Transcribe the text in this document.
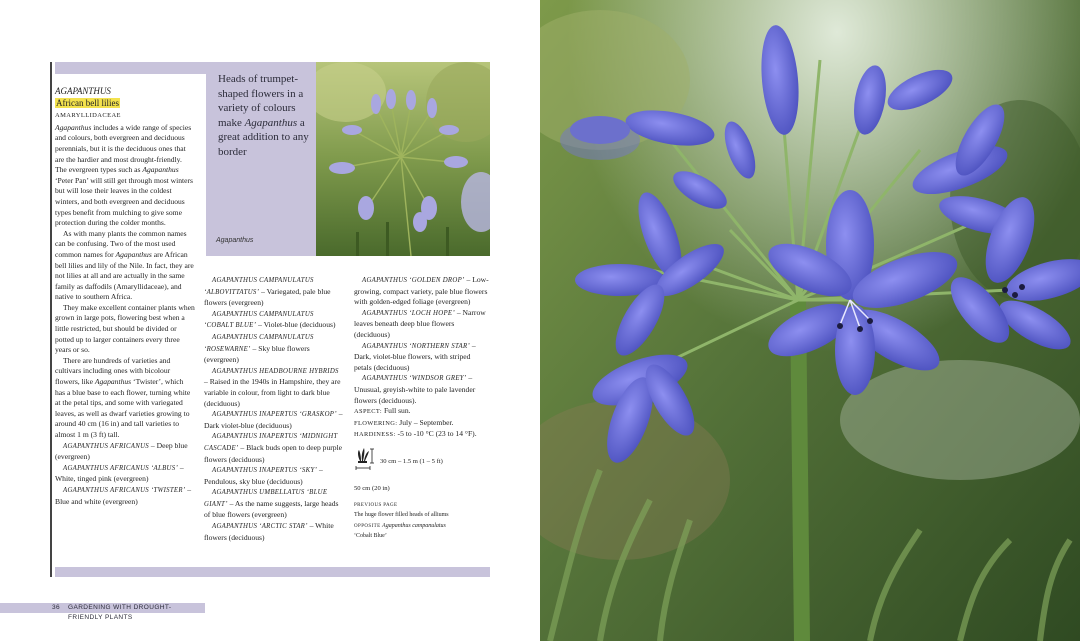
Heads of trumpet-shaped flowers in a variety of colours make Agapanthus a great addition to any border
Agapanthus
AGAPANTHUS
African bell lilies
AMARYLLIDACEAE

Agapanthus includes a wide range of species and colours, both evergreen and deciduous perennials, but it is the deciduous ones that are the hardier and most drought-friendly. The evergreen types such as Agapanthus ‘Peter Pan’ will still get through most winters but will lose their leaves in the coldest winters, and both evergreen and deciduous types benefit from mulching to give some protection during the colder months.

As with many plants the common names can be confusing. Two of the most used common names for Agapanthus are African bell lilies and lily of the Nile. In fact, they are not lilies at all and are actually in the same family as daffodils (Amaryllidaceae), and native to southern Africa.

They make excellent container plants when grown in large pots, flowering best when a little restricted, but should be divided or potted up to larger containers every three years or so.

There are hundreds of varieties and cultivars including ones with bicolour flowers, like Agapanthus ‘Twister’, which has a blue base to each flower, turning white at the petal tips, and some with variegated leaves, as well as dwarf varieties growing to around 40 cm (16 in) and tall varieties to almost 1 m (3 ft) tall.

AGAPANTHUS AFRICANUS – Deep blue (evergreen)

AGAPANTHUS AFRICANUS ‘ALBUS’ – White, tinged pink (evergreen)

AGAPANTHUS AFRICANUS ‘TWISTER’ – Blue and white (evergreen)

AGAPANTHUS CAMPANULATUS ‘ALBOVITTATUS’ – Variegated, pale blue flowers (evergreen)

AGAPANTHUS CAMPANULATUS ‘COBALT BLUE’ – Violet-blue (deciduous)

AGAPANTHUS CAMPANULATUS ‘ROSEWARNE’ – Sky blue flowers (evergreen)

AGAPANTHUS HEADBOURNE HYBRIDS – Raised in the 1940s in Hampshire, they are variable in colour, from light to dark blue (deciduous)

AGAPANTHUS INAPERTUS ‘GRASKOP’ – Dark violet-blue (deciduous)

AGAPANTHUS INAPERTUS ‘MIDNIGHT CASCADE’ – Black buds open to deep purple flowers (deciduous)

AGAPANTHUS INAPERTUS ‘SKY’ – Pendulous, sky blue (deciduous)

AGAPANTHUS UMBELLATUS ‘BLUE GIANT’ – As the name suggests, large heads of blue flowers (evergreen)

AGAPANTHUS ‘ARCTIC STAR’ – White flowers (deciduous)

AGAPANTHUS ‘GOLDEN DROP’ – Low-growing, compact variety, pale blue flowers with golden-edged foliage (evergreen)

AGAPANTHUS ‘LOCH HOPE’ – Narrow leaves beneath deep blue flowers (deciduous)

AGAPANTHUS ‘NORTHERN STAR’ – Dark, violet-blue flowers, with striped petals (deciduous)

AGAPANTHUS ‘WINDSOR GREY’ – Unusual, greyish-white to pale lavender flowers (deciduous).

ASPECT: Full sun.

FLOWERING: July – September.

HARDINESS: -5 to -10 °C (23 to 14 °F).

30 cm – 1.5 m (1 – 5 ft)
50 cm (20 in)
PREVIOUS PAGE
The huge flower filled heads of alliums
OPPOSITE Agapanthus campanulatus
‘Cobalt Blue’
36 GARDENING WITH DROUGHT-FRIENDLY PLANTS
